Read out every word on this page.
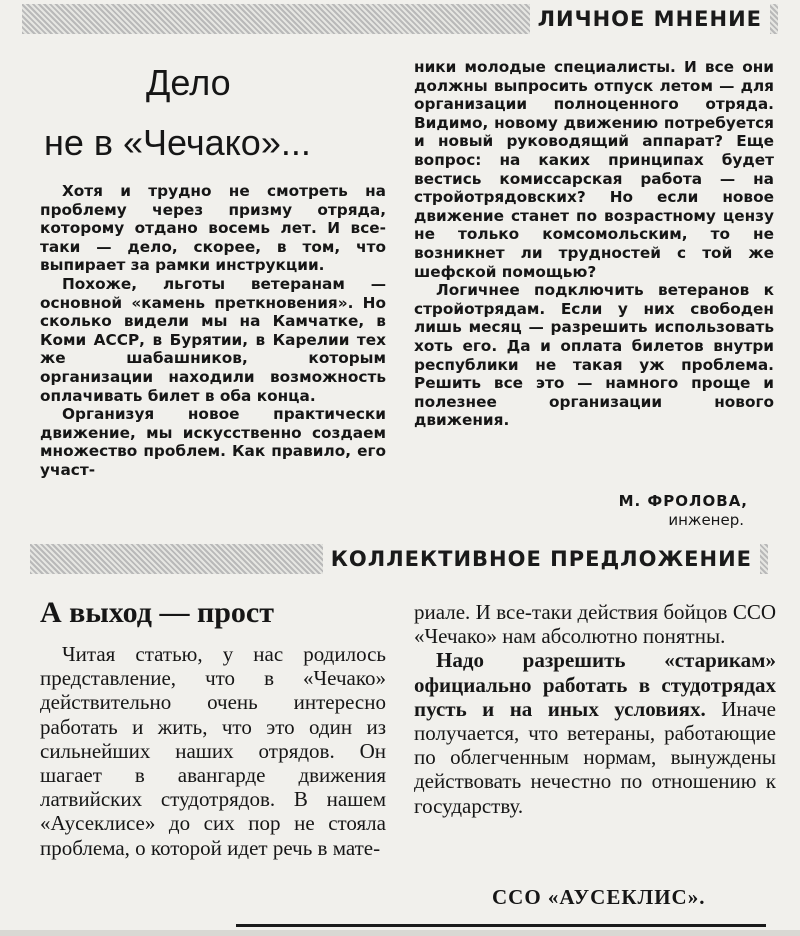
ЛИЧНОЕ МНЕНИЕ
Дело
не в «Чечако»...

Хотя и трудно не смотреть на проблему через призму отряда, которому отдано восемь лет. И все-таки — дело, скорее, в том, что выпирает за рамки инструкции.

Похоже, льготы ветеранам — основной «камень преткновения». Но сколько видели мы на Камчатке, в Коми АССР, в Бурятии, в Карелии тех же шабашников, которым организации находили возможность оплачивать билет в оба конца.

Организуя новое практически движение, мы искусственно создаем множество проблем. Как правило, его участ-

ники молодые специалисты. И все они должны выпросить отпуск летом — для организации полноценного отряда. Видимо, новому движению потребуется и новый руководящий аппарат? Еще вопрос: на каких принципах будет вестись комиссарская работа — на стройотрядовских? Но если новое движение станет по возрастному цензу не только комсомольским, то не возникнет ли трудностей с той же шефской помощью?

Логичнее подключить ветеранов к стройотрядам. Если у них свободен лишь месяц — разрешить использовать хоть его. Да и оплата билетов внутри республики не такая уж проблема. Решить все это — намного проще и полезнее организации нового движения.

М. ФРОЛОВА,
инженер.
КОЛЛЕКТИВНОЕ ПРЕДЛОЖЕНИЕ
А выход — прост

Читая статью, у нас родилось представление, что в «Чечако» действительно очень интересно работать и жить, что это один из сильнейших наших отрядов. Он шагает в авангарде движения латвийских студотрядов. В нашем «Аусеклисе» до сих пор не стояла проблема, о которой идет речь в мате-

риале. И все-таки действия бойцов ССО «Чечако» нам абсолютно понятны.

Надо разрешить «старикам» официально работать в студотрядах пусть и на иных условиях. Иначе получается, что ветераны, работающие по облегченным нормам, вынуждены действовать нечестно по отношению к государству.

ССО «АУСЕКЛИС».
